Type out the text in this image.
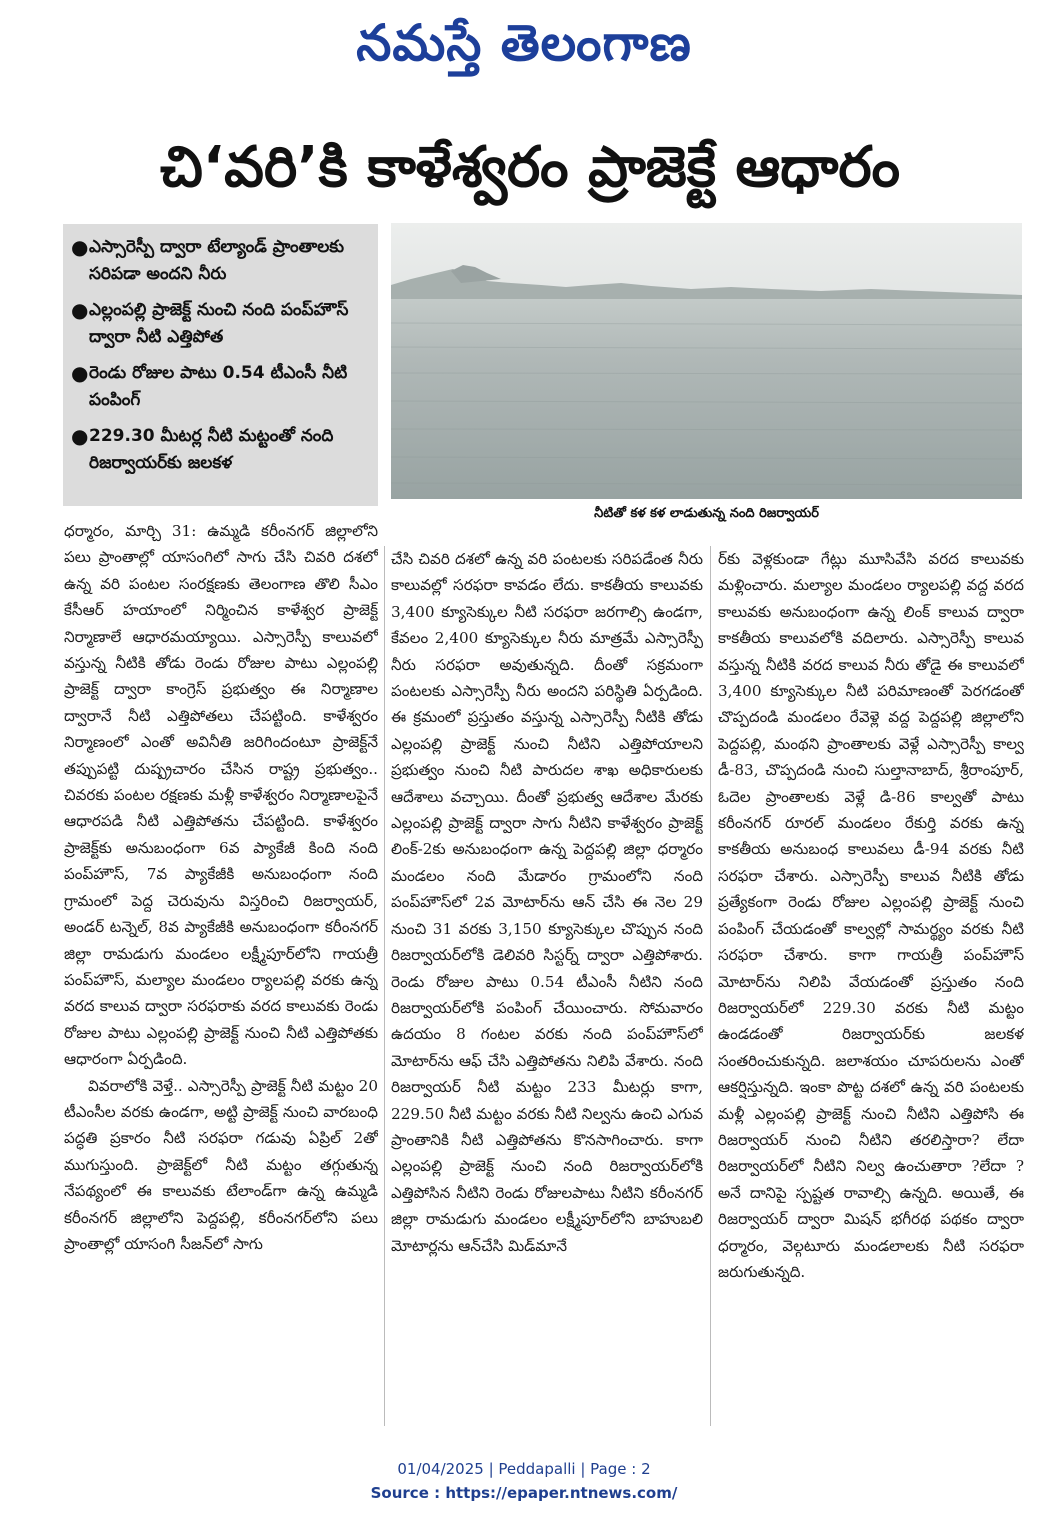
నమస్తే తెలంగాణ
చి‘వరి’కి కాళేశ్వరం ప్రాజెక్టే ఆధారం
● ఎస్సారెస్పీ ద్వారా టేల్యాండ్ ప్రాంతాలకు సరిపడా అందని నీరు
● ఎల్లంపల్లి ప్రాజెక్ట్ నుంచి నంది పంప్‌హౌస్ ద్వారా నీటి ఎత్తిపోత
● రెండు రోజుల పాటు 0.54 టీఎంసీ నీటి పంపింగ్
● 229.30 మీటర్ల నీటి మట్టంతో నంది రిజర్వాయర్‌కు జలకళ
నీటితో కళ కళ లాడుతున్న నంది రిజర్వాయర్

ధర్మారం, మార్చి 31: ఉమ్మడి కరీంనగర్ జిల్లాలోని పలు ప్రాంతాల్లో యాసంగిలో సాగు చేసి చివరి దశలో ఉన్న వరి పంటల సంరక్షణకు తెలంగాణ తొలి సీఎం కేసీఆర్ హయాంలో నిర్మించిన కాళేశ్వర ప్రాజెక్ట్ నిర్మాణాలే ఆధారమయ్యాయి. ఎస్సారెస్పీ కాలువలో వస్తున్న నీటికి తోడు రెండు రోజుల పాటు ఎల్లంపల్లి ప్రాజెక్ట్ ద్వారా కాంగ్రెస్ ప్రభుత్వం ఈ నిర్మాణాల ద్వారానే నీటి ఎత్తిపోతలు చేపట్టింది. కాళేశ్వరం నిర్మాణంలో ఎంతో అవినీతి జరిగిందంటూ ప్రాజెక్ట్‌నే తప్పుపట్టి దుష్ప్రచారం చేసిన రాష్ట్ర ప్రభుత్వం.. చివరకు పంటల రక్షణకు మళ్లీ కాళేశ్వరం నిర్మాణాలపైనే ఆధారపడి నీటి ఎత్తిపోతను చేపట్టింది. కాళేశ్వరం ప్రాజెక్ట్‌కు అనుబంధంగా 6వ ప్యాకేజీ కింది నంది పంప్‌హౌస్, 7వ ప్యాకేజీకి అనుబంధంగా నంది గ్రామంలో పెద్ద చెరువును విస్తరించి రిజర్వాయర్, అండర్ టన్నెల్, 8వ ప్యాకేజీకి అనుబంధంగా కరీంనగర్ జిల్లా రామడుగు మండలం లక్ష్మీపూర్‌లోని గాయత్రీ పంప్‌హౌస్, మల్యాల మండలం ర్యాలపల్లి వరకు ఉన్న వరద కాలువ ద్వారా సరఫరాకు వరద కాలువకు రెండు రోజుల పాటు ఎల్లంపల్లి ప్రాజెక్ట్ నుంచి నీటి ఎత్తిపోతకు ఆధారంగా ఏర్పడింది.

వివరాలోకి వెళ్తే.. ఎస్సారెస్పీ ప్రాజెక్ట్ నీటి మట్టం 20 టీఎంసీల వరకు ఉండగా, అట్టి ప్రాజెక్ట్ నుంచి వారబంధి పద్ధతి ప్రకారం నీటి సరఫరా గడువు ఏప్రిల్ 2తో ముగుస్తుంది. ప్రాజెక్ట్‌లో నీటి మట్టం తగ్గుతున్న నేపథ్యంలో ఈ కాలువకు టేలాండ్‌గా ఉన్న ఉమ్మడి కరీంనగర్ జిల్లాలోని పెద్దపల్లి, కరీంనగర్‌లోని పలు ప్రాంతాల్లో యాసంగి సీజన్‌లో సాగు

చేసి చివరి దశలో ఉన్న వరి పంటలకు సరిపడేంత నీరు కాలువల్లో సరఫరా కావడం లేదు. కాకతీయ కాలువకు 3,400 క్యూసెక్కుల నీటి సరఫరా జరగాల్సి ఉండగా, కేవలం 2,400 క్యూసెక్కుల నీరు మాత్రమే ఎస్సారెస్పీ నీరు సరఫరా అవుతున్నది. దీంతో సక్రమంగా పంటలకు ఎస్సారెస్పీ నీరు అందని పరిస్థితి ఏర్పడింది. ఈ క్రమంలో ప్రస్తుతం వస్తున్న ఎస్సారెస్పీ నీటికి తోడు ఎల్లంపల్లి ప్రాజెక్ట్ నుంచి నీటిని ఎత్తిపోయాలని ప్రభుత్వం నుంచి నీటి పారుదల శాఖ అధికారులకు ఆదేశాలు వచ్చాయి. దీంతో ప్రభుత్వ ఆదేశాల మేరకు ఎల్లంపల్లి ప్రాజెక్ట్ ద్వారా సాగు నీటిని కాళేశ్వరం ప్రాజెక్ట్ లింక్-2కు అనుబంధంగా ఉన్న పెద్దపల్లి జిల్లా ధర్మారం మండలం నంది మేడారం గ్రామంలోని నంది పంప్‌హౌస్‌లో 2వ మోటార్‌ను ఆన్ చేసి ఈ నెల 29 నుంచి 31 వరకు 3,150 క్యూసెక్కుల చొప్పున నంది రిజర్వాయర్‌లోకి డెలివరి సిస్టర్న్ ద్వారా ఎత్తిపోశారు. రెండు రోజుల పాటు 0.54 టీఎంసీ నీటిని నంది రిజర్వాయర్‌లోకి పంపింగ్ చేయించారు. సోమవారం ఉదయం 8 గంటల వరకు నంది పంప్‌హౌస్‌లో మోటార్‌ను ఆఫ్ చేసి ఎత్తిపోతను నిలిపి వేశారు. నంది రిజర్వాయర్ నీటి మట్టం 233 మీటర్లు కాగా, 229.50 నీటి మట్టం వరకు నీటి నిల్వను ఉంచి ఎగువ ప్రాంతానికి నీటి ఎత్తిపోతను కొనసాగించారు. కాగా ఎల్లంపల్లి ప్రాజెక్ట్ నుంచి నంది రిజర్వాయర్‌లోకి ఎత్తిపోసిన నీటిని రెండు రోజులపాటు నీటిని కరీంనగర్ జిల్లా రామడుగు మండలం లక్ష్మీపూర్‌లోని బాహుబలి మోటార్లను ఆన్‌చేసి మిడ్‌మానే

ర్‌కు వెళ్లకుండా గేట్లు మూసివేసి వరద కాలువకు మళ్లించారు. మల్యాల మండలం ర్యాలపల్లి వద్ద వరద కాలువకు అనుబంధంగా ఉన్న లింక్ కాలువ ద్వారా కాకతీయ కాలువలోకి వదిలారు. ఎస్సారెస్పీ కాలువ వస్తున్న నీటికి వరద కాలువ నీరు తోడై ఈ కాలువలో 3,400 క్యూసెక్కుల నీటి పరిమాణంతో పెరగడంతో చొప్పదండి మండలం రేవెళ్లె వద్ద పెద్దపల్లి జిల్లాలోని పెద్దపల్లి, మంథని ప్రాంతాలకు వెళ్లే ఎస్సారెస్పీ కాల్వ డీ-83, చొప్పదండి నుంచి సుల్తానాబాద్, శ్రీరాంపూర్, ఓదెల ప్రాంతాలకు వెళ్లే డి-86 కాల్వతో పాటు కరీంనగర్ రూరల్ మండలం రేకుర్తి వరకు ఉన్న కాకతీయ అనుబంధ కాలువలు డీ-94 వరకు నీటి సరఫరా చేశారు. ఎస్సారెస్పీ కాలువ నీటికి తోడు ప్రత్యేకంగా రెండు రోజుల ఎల్లంపల్లి ప్రాజెక్ట్ నుంచి పంపింగ్ చేయడంతో కాల్వల్లో సామర్థ్యం వరకు నీటి సరఫరా చేశారు. కాగా గాయత్రీ పంప్‌హౌస్ మోటార్‌ను నిలిపి వేయడంతో ప్రస్తుతం నంది రిజర్వాయర్‌లో 229.30 వరకు నీటి మట్టం ఉండడంతో రిజర్వాయర్‌కు జలకళ సంతరించుకున్నది. జలాశయం చూపరులను ఎంతో ఆకర్షిస్తున్నది. ఇంకా పొట్ట దశలో ఉన్న వరి పంటలకు మళ్లీ ఎల్లంపల్లి ప్రాజెక్ట్ నుంచి నీటిని ఎత్తిపోసి ఈ రిజర్వాయర్ నుంచి నీటిని తరలిస్తారా? లేదా రిజర్వాయర్‌లో నీటిని నిల్వ ఉంచుతారా ?లేదా ? అనే దానిపై స్పష్టత రావాల్సి ఉన్నది. అయితే, ఈ రిజర్వాయర్ ద్వారా మిషన్ భగీరథ పథకం ద్వారా ధర్మారం, వెల్గటూరు మండలాలకు నీటి సరఫరా జరుగుతున్నది.

01/04/2025 | Peddapalli | Page : 2
Source : https://epaper.ntnews.com/
